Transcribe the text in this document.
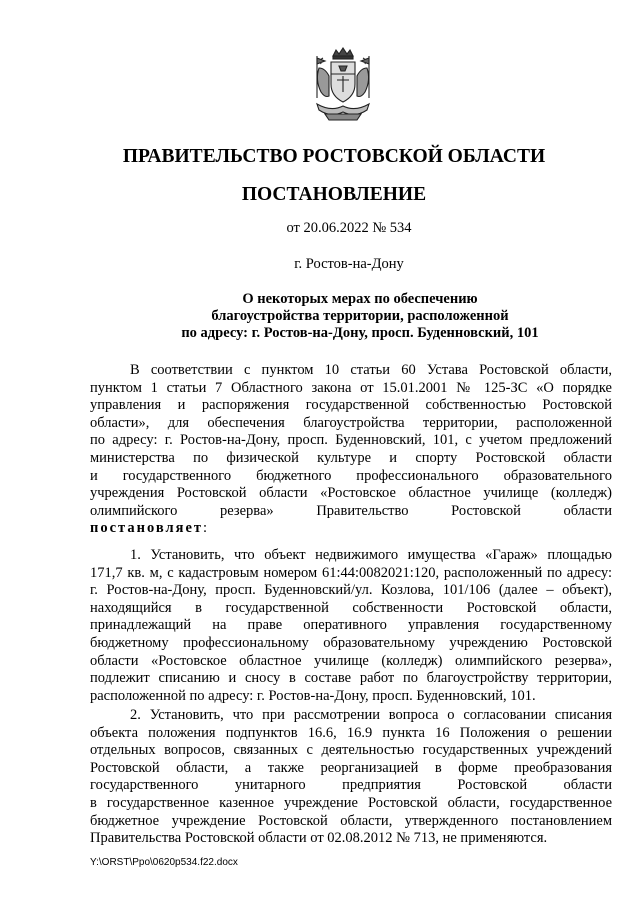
ПРАВИТЕЛЬСТВО РОСТОВСКОЙ ОБЛАСТИ
ПОСТАНОВЛЕНИЕ
от 20.06.2022 № 534
г. Ростов-на-Дону
О некоторых мерах по обеспечению
благоустройства территории, расположенной
по адресу: г. Ростов-на-Дону, просп. Буденновский, 101
В соответствии с пунктом 10 статьи 60 Устава Ростовской области,
пунктом 1 статьи 7 Областного закона от 15.01.2001 № 125-ЗС «О порядке
управления и распоряжения государственной собственностью Ростовской
области», для обеспечения благоустройства территории, расположенной
по адресу: г. Ростов-на-Дону, просп. Буденновский, 101, с учетом предложений
министерства по физической культуре и спорту Ростовской области
и государственного бюджетного профессионального образовательного
учреждения Ростовской области «Ростовское областное училище (колледж)
олимпийского резерва» Правительство Ростовской области
постановляет:
1. Установить, что объект недвижимого имущества «Гараж» площадью
171,7 кв. м, с кадастровым номером 61:44:0082021:120, расположенный по адресу:
г. Ростов-на-Дону, просп. Буденновский/ул. Козлова, 101/106 (далее – объект),
находящийся в государственной собственности Ростовской области,
принадлежащий на праве оперативного управления государственному
бюджетному профессиональному образовательному учреждению Ростовской
области «Ростовское областное училище (колледж) олимпийского резерва»,
подлежит списанию и сносу в составе работ по благоустройству территории,
расположенной по адресу: г. Ростов-на-Дону, просп. Буденновский, 101.
2. Установить, что при рассмотрении вопроса о согласовании списания
объекта положения подпунктов 16.6, 16.9 пункта 16 Положения о решении
отдельных вопросов, связанных с деятельностью государственных учреждений
Ростовской области, а также реорганизацией в форме преобразования
государственного унитарного предприятия Ростовской области
в государственное казенное учреждение Ростовской области, государственное
бюджетное учреждение Ростовской области, утвержденного постановлением
Правительства Ростовской области от 02.08.2012 № 713, не применяются.
Y:\ORST\Ppo\0620p534.f22.docx
